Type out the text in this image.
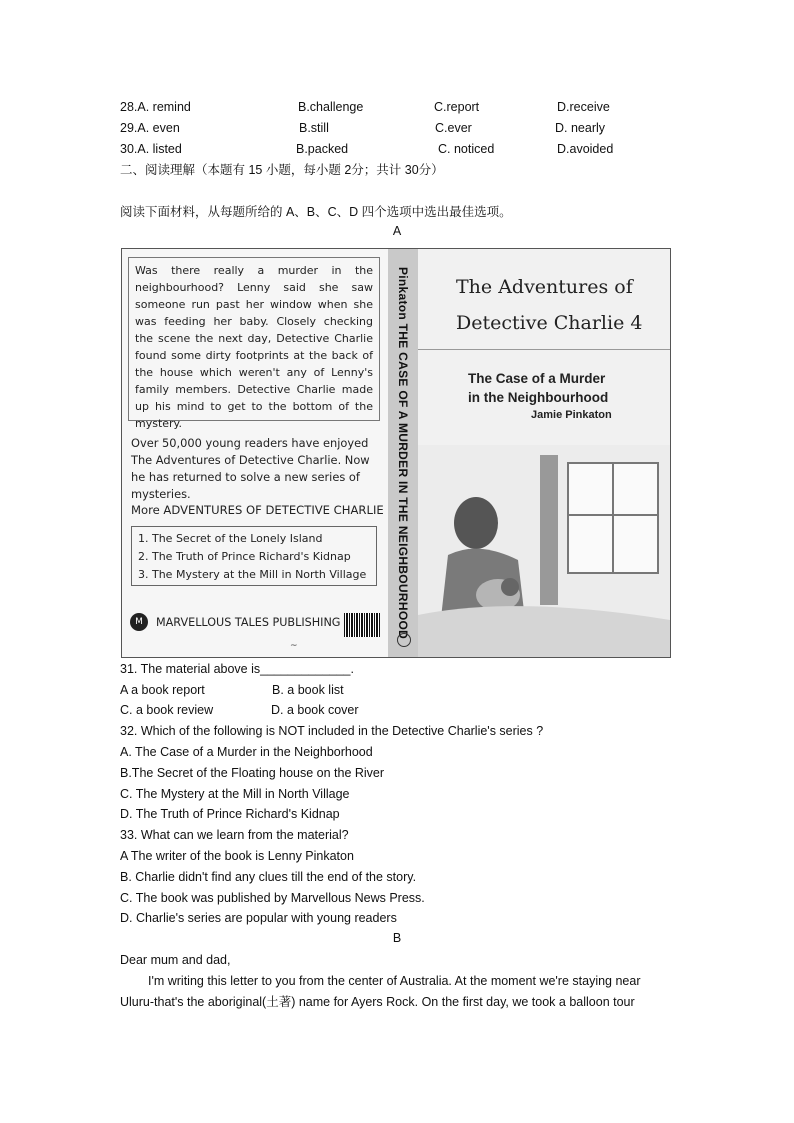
28.A. remind	B.challenge	C.report	D.receive
29.A. even	B.still	C.ever	D. nearly
30.A. listed	B.packed	C. noticed	D.avoided
二、阅读理解（本题有 15 小题，每小题 2分；共计 30分）
阅读下面材料，从每题所给的 A、B、C、D 四个选项中选出最佳选项。
A
Was there really a murder in the neighbourhood? Lenny said she saw someone run past her window when she was feeding her baby. Closely checking the scene the next day, Detective Charlie found some dirty footprints at the back of the house which weren't any of Lenny's family members. Detective Charlie made up his mind to get to the bottom of the mystery.
Over 50,000 young readers have enjoyed The Adventures of Detective Charlie. Now he has returned to solve a new series of mysteries.
More ADVENTURES OF DETECTIVE CHARLIE
1. The Secret of the Lonely Island
2. The Truth of Prince Richard's Kidnap
3. The Mystery at the Mill in North Village
M	MARVELLOUS TALES PUBLISHING
~
Pinkaton THE CASE OF A MURDER IN THE NEIGHBOURHOOD The Adventures of
Detective Charlie 4
The Case of a Murder
in the Neighbourhood
Jamie Pinkaton
31. The material above is_____________.
A a book report	B. a book list
C. a book review	D. a book cover
32. Which of the following is NOT included in the Detective Charlie's series ?
A. The Case of a Murder in the Neighborhood
B.The Secret of the Floating house on the River
C. The Mystery at the Mill in North Village
D. The Truth of Prince Richard's Kidnap
33. What can we learn from the material?
A The writer of the book is Lenny Pinkaton
B. Charlie didn't find any clues till the end of the story.
C. The book was published by Marvellous News Press.
D. Charlie's series are popular with young readers
B
Dear mum and dad,
I'm writing this letter to you from the center of Australia. At the moment we're staying near
Uluru-that's the aboriginal(土著) name for Ayers Rock. On the first day, we took a balloon tour
